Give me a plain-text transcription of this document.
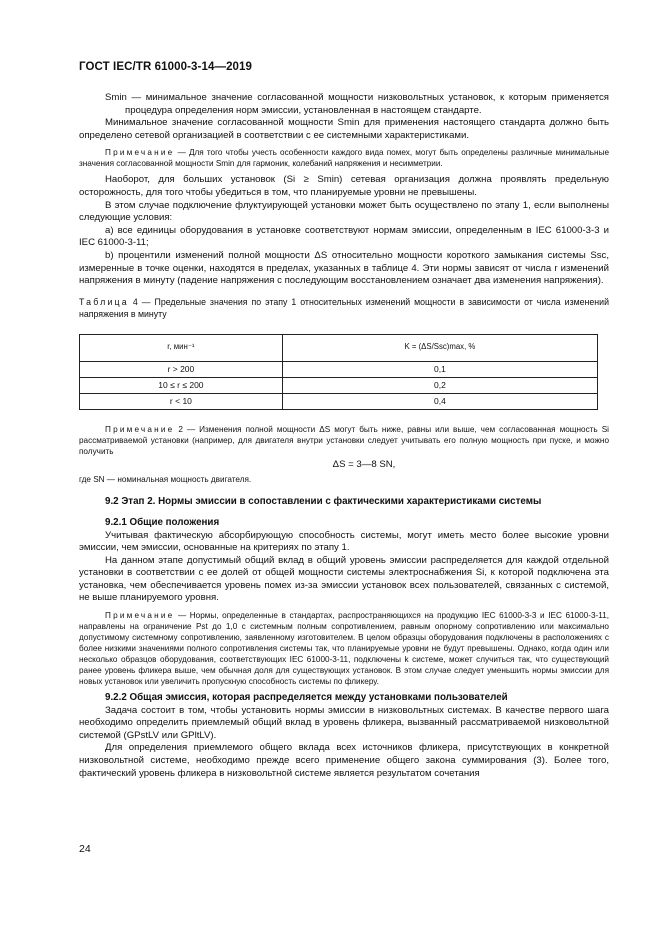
ГОСТ IEC/TR 61000-3-14—2019

Smin — минимальное значение согласованной мощности низковольтных установок, к которым применяется процедура определения норм эмиссии, установленная в настоящем стандарте.

Минимальное значение согласованной мощности Smin для применения настоящего стандарта должно быть определено сетевой организацией в соответствии с ее системными характеристиками.

Примечание — Для того чтобы учесть особенности каждого вида помех, могут быть определены различные минимальные значения согласованной мощности Smin для гармоник, колебаний напряжения и несимметрии.

Наоборот, для больших установок (Si ≥ Smin) сетевая организация должна проявлять предельную осторожность, для того чтобы убедиться в том, что планируемые уровни не превышены.

В этом случае подключение флуктуирующей установки может быть осуществлено по этапу 1, если выполнены следующие условия:

а) все единицы оборудования в установке соответствуют нормам эмиссии, определенным в IEC 61000-3-3 и IEC 61000-3-11;

b) процентили изменений полной мощности ΔS относительно мощности короткого замыкания системы Ssc, измеренные в точке оценки, находятся в пределах, указанных в таблице 4. Эти нормы зависят от числа r изменений напряжения в минуту (падение напряжения с последующим восстановлением означает два изменения напряжения).

Таблица 4 — Предельные значения по этапу 1 относительных изменений мощности в зависимости от числа изменений напряжения в минуту

r, мин⁻¹	K = (ΔS/Ssc)max, %
r > 200	0,1
10 ≤ r ≤ 200	0,2
r < 10	0,4

Примечание 2 — Изменения полной мощности ΔS могут быть ниже, равны или выше, чем согласованная мощность Si рассматриваемой установки (например, для двигателя внутри установки следует учитывать его полную мощность при пуске, и можно получить

ΔS = 3—8 SN,

где SN — номинальная мощность двигателя.

9.2 Этап 2. Нормы эмиссии в сопоставлении с фактическими характеристиками системы

9.2.1 Общие положения

Учитывая фактическую абсорбирующую способность системы, могут иметь место более высокие уровни эмиссии, чем эмиссии, основанные на критериях по этапу 1.

На данном этапе допустимый общий вклад в общий уровень эмиссии распределяется для каждой отдельной установки в соответствии с ее долей от общей мощности системы электроснабжения Si, к которой подключена эта установка, чем обеспечивается уровень помех из-за эмиссии установок всех пользователей, связанных с системой, не выше планируемого уровня.

Примечание — Нормы, определенные в стандартах, распространяющихся на продукцию IEC 61000-3-3 и IEC 61000-3-11, направлены на ограничение Pst до 1,0 с системным полным сопротивлением, равным опорному сопротивлению или максимально допустимому системному сопротивлению, заявленному изготовителем. В целом образцы оборудования подключены в расположениях с более низкими значениями полного сопротивления системы так, что планируемые уровни не будут превышены. Однако, когда один или несколько образцов оборудования, соответствующих IEC 61000-3-11, подключены k системе, может случиться так, что существующий ранее уровень фликера выше, чем обычная доля для существующих установок. В этом случае следует уменьшить нормы эмиссии для новых установок или увеличить пропускную способность системы по фликеру.

9.2.2 Общая эмиссия, которая распределяется между установками пользователей

Задача состоит в том, чтобы установить нормы эмиссии в низковольтных системах. В качестве первого шага необходимо определить приемлемый общий вклад в уровень фликера, вызванный рассматриваемой низковольтной системой (GPstLV или GPltLV).

Для определения приемлемого общего вклада всех источников фликера, присутствующих в конкретной низковольтной системе, необходимо прежде всего применение общего закона суммирования (3). Более того, фактический уровень фликера в низковольтной системе является результатом сочетания

24
